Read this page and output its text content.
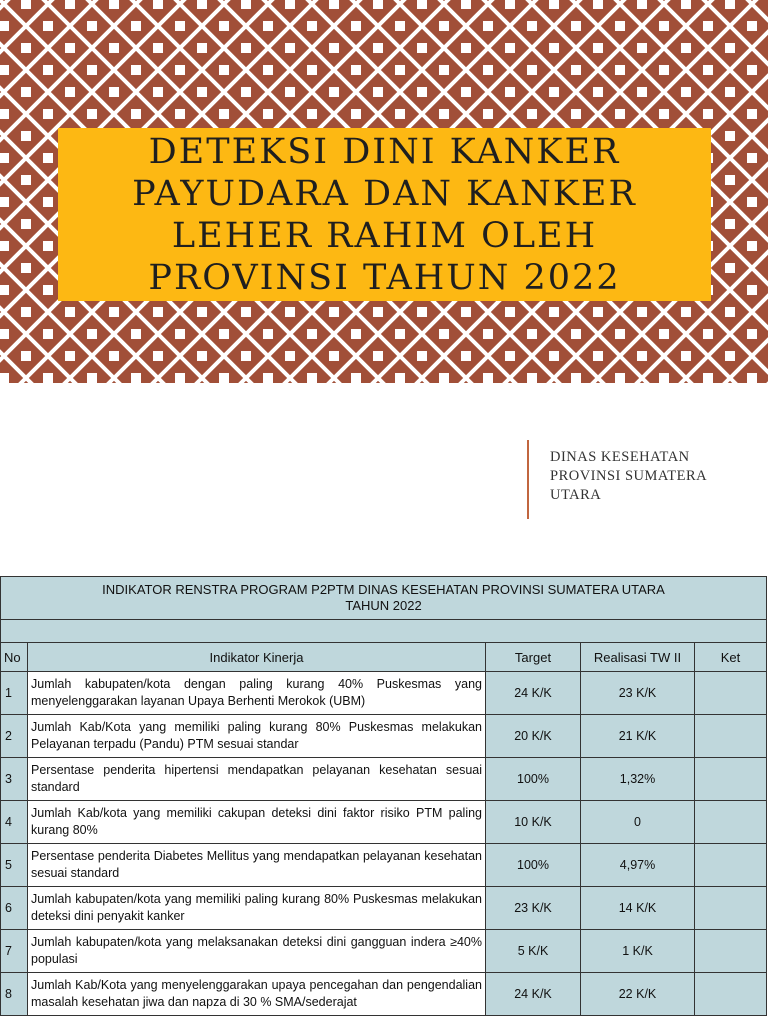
DETEKSI DINI KANKER
PAYUDARA DAN KANKER
LEHER RAHIM OLEH
PROVINSI TAHUN 2022
DINAS KESEHATAN
PROVINSI SUMATERA
UTARA
INDIKATOR RENSTRA PROGRAM P2PTM DINAS KESEHATAN PROVINSI SUMATERA UTARA
TAHUN 2022				

No	Indikator Kinerja	Target	Realisasi TW II	Ket
1	Jumlah kabupaten/kota dengan paling kurang 40% Puskesmas yang menyelenggarakan layanan Upaya Berhenti Merokok (UBM)	24 K/K	23 K/K	
2	Jumlah Kab/Kota yang memiliki paling kurang 80% Puskesmas melakukan Pelayanan terpadu (Pandu) PTM sesuai standar	20 K/K	21 K/K	
3	Persentase penderita hipertensi mendapatkan pelayanan kesehatan sesuai standard	100%	1,32%	
4	Jumlah Kab/kota yang memiliki cakupan deteksi dini faktor risiko PTM paling kurang 80%	10 K/K	0	
5	Persentase penderita Diabetes Mellitus yang mendapatkan pelayanan kesehatan sesuai standard	100%	4,97%	
6	Jumlah kabupaten/kota yang memiliki paling kurang 80% Puskesmas melakukan deteksi dini penyakit kanker	23 K/K	14 K/K	
7	Jumlah kabupaten/kota yang melaksanakan deteksi dini gangguan indera ≥40% populasi	5 K/K	1 K/K	
8	Jumlah Kab/Kota yang menyelenggarakan upaya pencegahan dan pengendalian masalah kesehatan jiwa dan napza di 30 % SMA/sederajat	24 K/K	22 K/K	
